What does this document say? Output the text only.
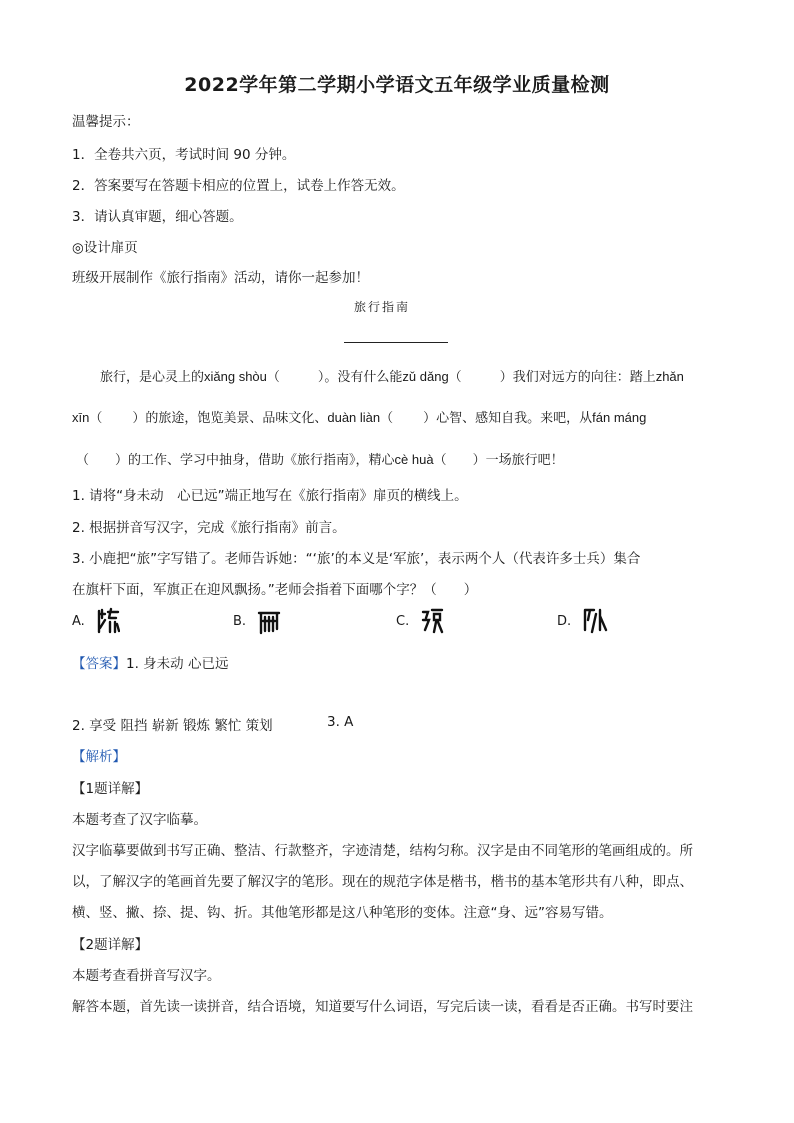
2022学年第二学期小学语文五年级学业质量检测
温馨提示：
1．全卷共六页，考试时间 90 分钟。
2．答案要写在答题卡相应的位置上，试卷上作答无效。
3．请认真审题，细心答题。
◎设计扉页
班级开展制作《旅行指南》活动，请你一起参加！
旅行指南
旅行，是心灵上的xiǎng shòu（	）。没有什么能zǔ dǎng（	）我们对远方的向往：踏上zhǎn
xīn（ ）的旅途，饱览美景、品味文化、duàn liàn（ ）心智、感知自我。来吧，从fán máng
（ ）的工作、学习中抽身，借助《旅行指南》，精心cè huà（ ）一场旅行吧！
1. 请将“身未动　心已远”端正地写在《旅行指南》扉页的横线上。
2. 根据拼音写汉字，完成《旅行指南》前言。
3. 小鹿把“旅”字写错了。老师告诉她：“‘旅’的本义是‘军旅’，表示两个人（代表许多士兵）集合
在旗杆下面，军旗正在迎风飘扬。”老师会指着下面哪个字？（　　）
A.	B.	C.	D.
【答案】1. 身未动 心已远
2. 享受 阻挡 崭新 锻炼 繁忙 策划	3. A
【解析】
【1题详解】
本题考查了汉字临摹。
汉字临摹要做到书写正确、整洁、行款整齐，字迹清楚，结构匀称。汉字是由不同笔形的笔画组成的。所
以，了解汉字的笔画首先要了解汉字的笔形。现在的规范字体是楷书，楷书的基本笔形共有八种，即点、
横、竖、撇、捺、提、钩、折。其他笔形都是这八种笔形的变体。注意“身、远”容易写错。
【2题详解】
本题考查看拼音写汉字。
解答本题，首先读一读拼音，结合语境，知道要写什么词语，写完后读一读，看看是否正确。书写时要注
